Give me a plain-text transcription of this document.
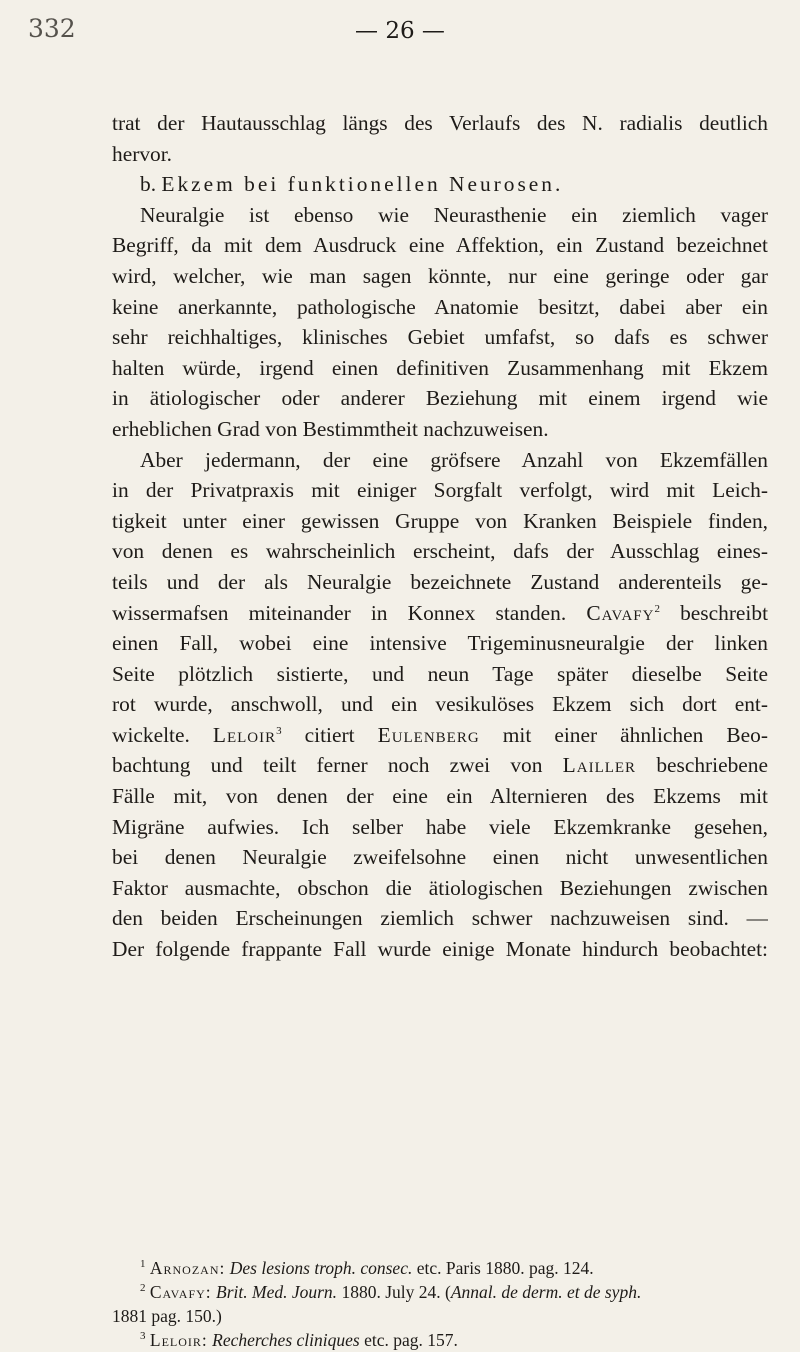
332	— 26 —
trat der Hautausschlag längs des Verlaufs des N. radialis deutlich
hervor.
b. Ekzem bei funktionellen Neurosen.
Neuralgie ist ebenso wie Neurasthenie ein ziemlich vager
Begriff, da mit dem Ausdruck eine Affektion, ein Zustand bezeichnet
wird, welcher, wie man sagen könnte, nur eine geringe oder gar
keine anerkannte, pathologische Anatomie besitzt, dabei aber ein
sehr reichhaltiges, klinisches Gebiet umfafst, so dafs es schwer
halten würde, irgend einen definitiven Zusammenhang mit Ekzem
in ätiologischer oder anderer Beziehung mit einem irgend wie
erheblichen Grad von Bestimmtheit nachzuweisen.
Aber jedermann, der eine gröfsere Anzahl von Ekzemfällen
in der Privatpraxis mit einiger Sorgfalt verfolgt, wird mit Leich-
tigkeit unter einer gewissen Gruppe von Kranken Beispiele finden,
von denen es wahrscheinlich erscheint, dafs der Ausschlag eines-
teils und der als Neuralgie bezeichnete Zustand anderenteils ge-
wissermafsen miteinander in Konnex standen. Cavafy$^2$ beschreibt
einen Fall, wobei eine intensive Trigeminusneuralgie der linken
Seite plötzlich sistierte, und neun Tage später dieselbe Seite
rot wurde, anschwoll, und ein vesikulöses Ekzem sich dort ent-
wickelte. Leloir$^3$ citiert Eulenberg mit einer ähnlichen Beo-
bachtung und teilt ferner noch zwei von Lailler beschriebene
Fälle mit, von denen der eine ein Alternieren des Ekzems mit
Migräne aufwies. Ich selber habe viele Ekzemkranke gesehen,
bei denen Neuralgie zweifelsohne einen nicht unwesentlichen
Faktor ausmachte, obschon die ätiologischen Beziehungen zwischen
den beiden Erscheinungen ziemlich schwer nachzuweisen sind. —
Der folgende frappante Fall wurde einige Monate hindurch beobachtet:
$^1$ Arnozan: Des lesions troph. consec. etc. Paris 1880. pag. 124.
$^2$ Cavafy: Brit. Med. Journ. 1880. July 24. (Annal. de derm. et de syph.
1881 pag. 150.)
$^3$ Leloir: Recherches cliniques etc. pag. 157.
